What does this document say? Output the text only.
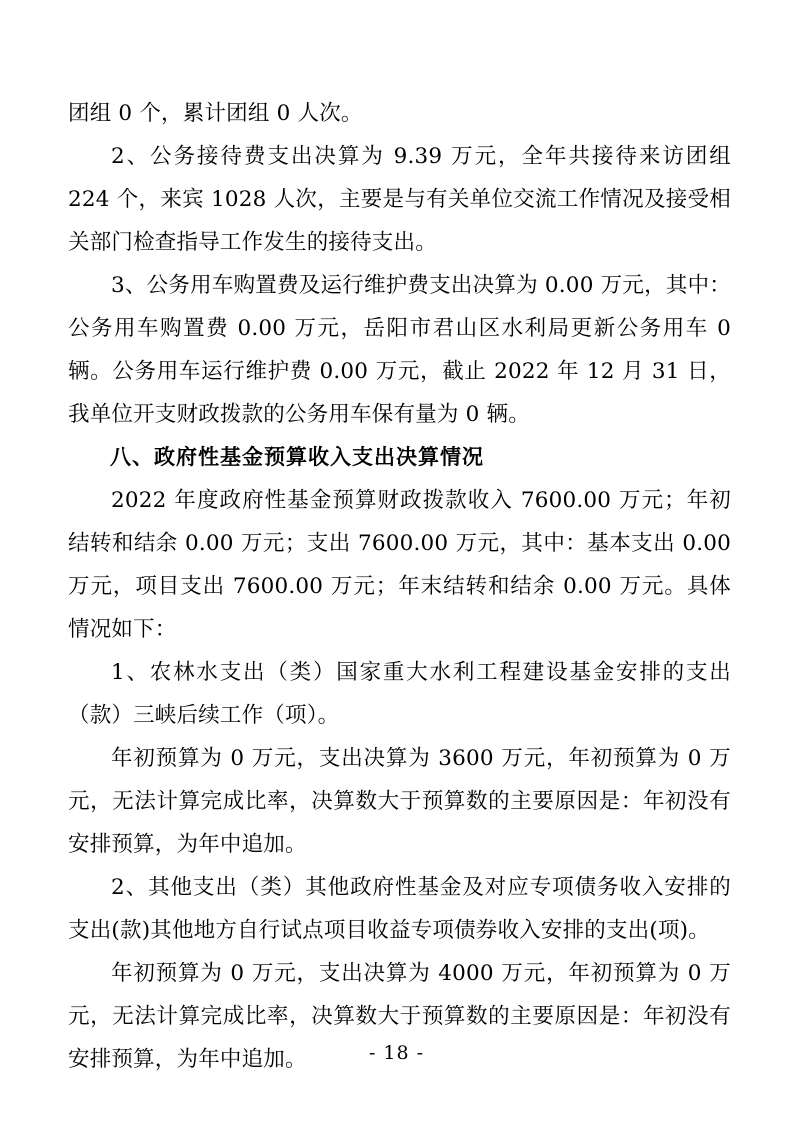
团组 0 个，累计团组 0 人次。

2、公务接待费支出决算为 9.39 万元，全年共接待来访团组 224 个，来宾 1028 人次，主要是与有关单位交流工作情况及接受相关部门检查指导工作发生的接待支出。

3、公务用车购置费及运行维护费支出决算为 0.00 万元，其中：公务用车购置费 0.00 万元，岳阳市君山区水利局更新公务用车 0 辆。公务用车运行维护费 0.00 万元，截止 2022 年 12 月 31 日，我单位开支财政拨款的公务用车保有量为 0 辆。

八、政府性基金预算收入支出决算情况

2022 年度政府性基金预算财政拨款收入 7600.00 万元；年初结转和结余 0.00 万元；支出 7600.00 万元，其中：基本支出 0.00 万元，项目支出 7600.00 万元；年末结转和结余 0.00 万元。具体情况如下：

1、农林水支出（类）国家重大水利工程建设基金安排的支出（款）三峡后续工作（项）。

年初预算为 0 万元，支出决算为 3600 万元，年初预算为 0 万元，无法计算完成比率，决算数大于预算数的主要原因是：年初没有安排预算，为年中追加。

2、其他支出（类）其他政府性基金及对应专项债务收入安排的支出(款)其他地方自行试点项目收益专项债券收入安排的支出(项)。

年初预算为 0 万元，支出决算为 4000 万元，年初预算为 0 万元，无法计算完成比率，决算数大于预算数的主要原因是：年初没有安排预算，为年中追加。	- 18 -
